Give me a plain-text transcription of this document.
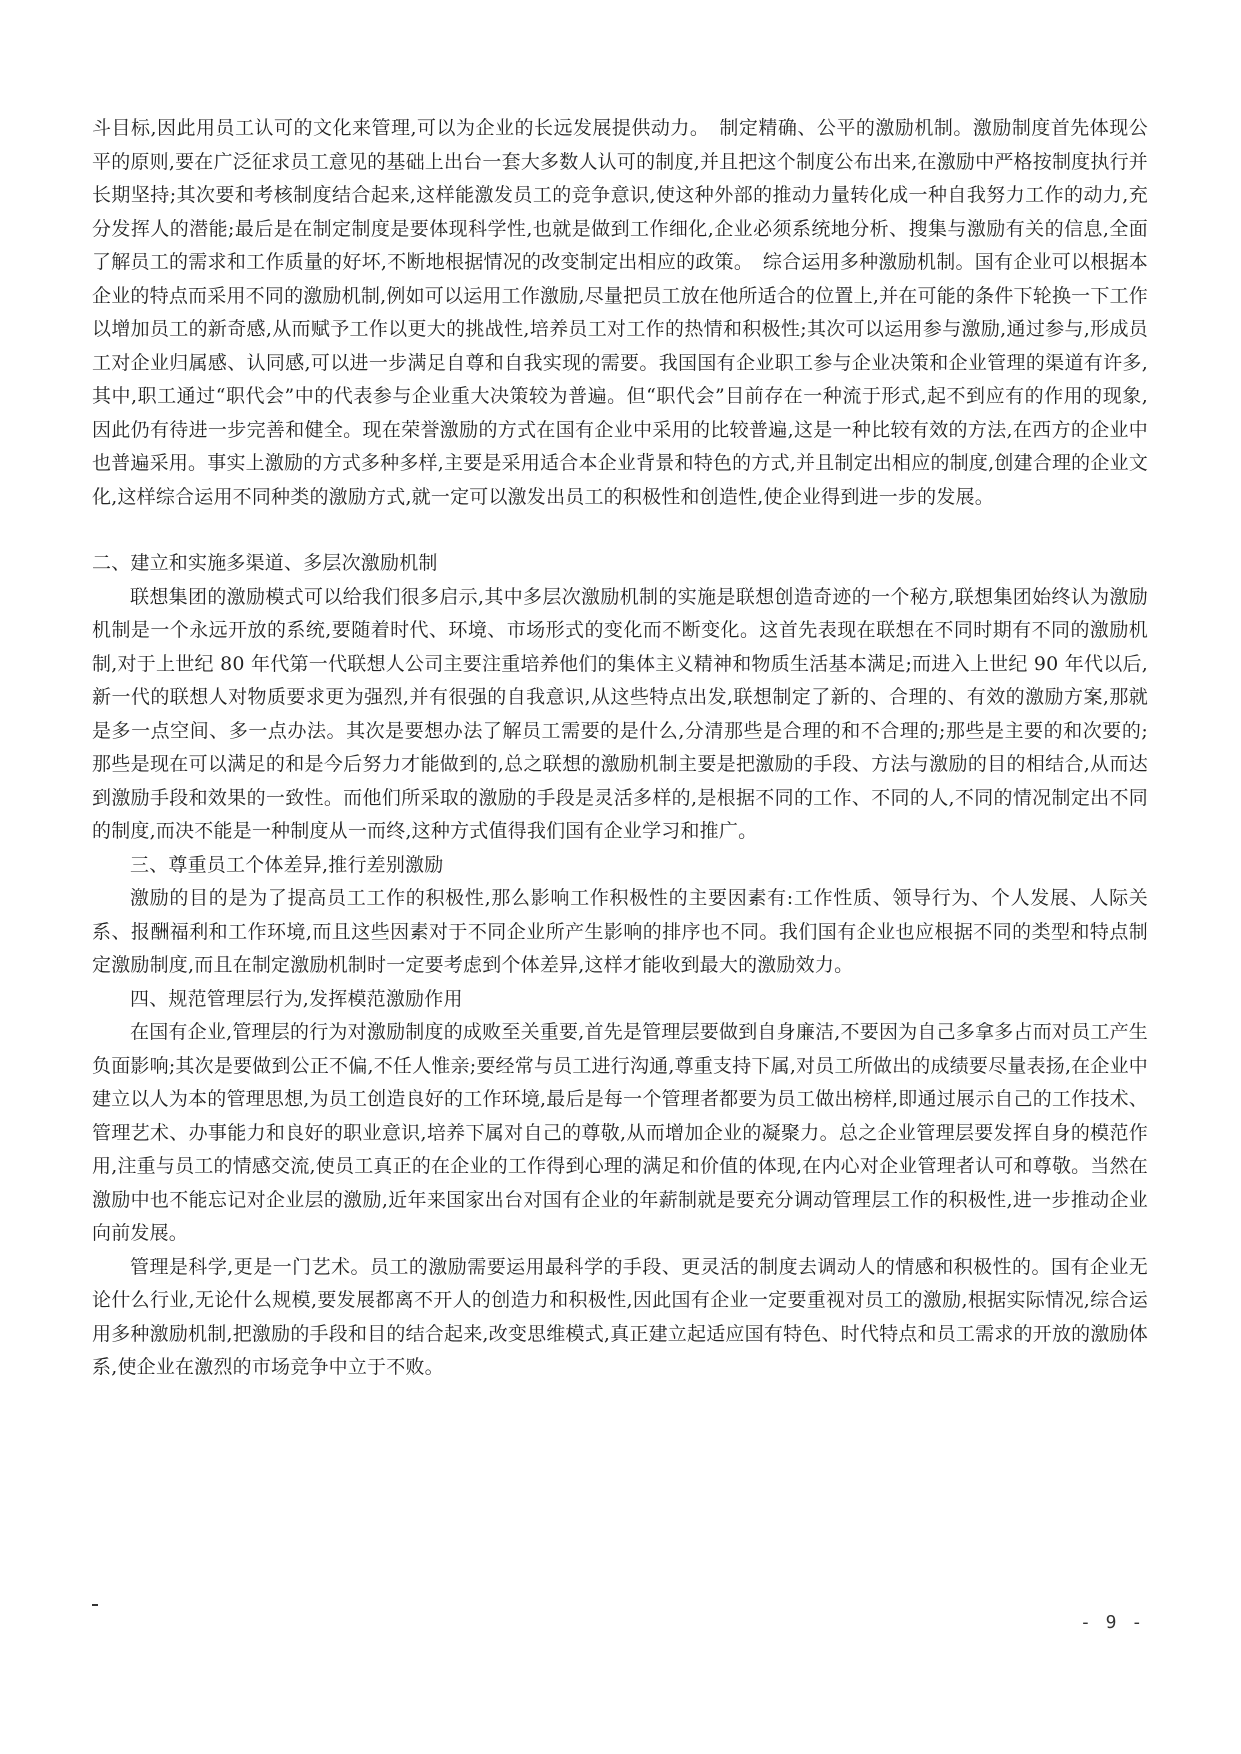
斗目标,因此用员工认可的文化来管理,可以为企业的长远发展提供动力。　制定精确、公平的激励机制。激励制度首先体现公平的原则,要在广泛征求员工意见的基础上出台一套大多数人认可的制度,并且把这个制度公布出来,在激励中严格按制度执行并长期坚持;其次要和考核制度结合起来,这样能激发员工的竞争意识,使这种外部的推动力量转化成一种自我努力工作的动力,充分发挥人的潜能;最后是在制定制度是要体现科学性,也就是做到工作细化,企业必须系统地分析、搜集与激励有关的信息,全面了解员工的需求和工作质量的好坏,不断地根据情况的改变制定出相应的政策。　综合运用多种激励机制。国有企业可以根据本企业的特点而采用不同的激励机制,例如可以运用工作激励,尽量把员工放在他所适合的位置上,并在可能的条件下轮换一下工作以增加员工的新奇感,从而赋予工作以更大的挑战性,培养员工对工作的热情和积极性;其次可以运用参与激励,通过参与,形成员工对企业归属感、认同感,可以进一步满足自尊和自我实现的需要。我国国有企业职工参与企业决策和企业管理的渠道有许多,其中,职工通过“职代会”中的代表参与企业重大决策较为普遍。但“职代会”目前存在一种流于形式,起不到应有的作用的现象,因此仍有待进一步完善和健全。现在荣誉激励的方式在国有企业中采用的比较普遍,这是一种比较有效的方法,在西方的企业中也普遍采用。事实上激励的方式多种多样,主要是采用适合本企业背景和特色的方式,并且制定出相应的制度,创建合理的企业文化,这样综合运用不同种类的激励方式,就一定可以激发出员工的积极性和创造性,使企业得到进一步的发展。

二、建立和实施多渠道、多层次激励机制

联想集团的激励模式可以给我们很多启示,其中多层次激励机制的实施是联想创造奇迹的一个秘方,联想集团始终认为激励机制是一个永远开放的系统,要随着时代、环境、市场形式的变化而不断变化。这首先表现在联想在不同时期有不同的激励机制,对于上世纪 80 年代第一代联想人公司主要注重培养他们的集体主义精神和物质生活基本满足;而进入上世纪 90 年代以后,新一代的联想人对物质要求更为强烈,并有很强的自我意识,从这些特点出发,联想制定了新的、合理的、有效的激励方案,那就是多一点空间、多一点办法。其次是要想办法了解员工需要的是什么,分清那些是合理的和不合理的;那些是主要的和次要的;那些是现在可以满足的和是今后努力才能做到的,总之联想的激励机制主要是把激励的手段、方法与激励的目的相结合,从而达到激励手段和效果的一致性。而他们所采取的激励的手段是灵活多样的,是根据不同的工作、不同的人,不同的情况制定出不同的制度,而决不能是一种制度从一而终,这种方式值得我们国有企业学习和推广。

三、尊重员工个体差异,推行差别激励

激励的目的是为了提高员工工作的积极性,那么影响工作积极性的主要因素有:工作性质、领导行为、个人发展、人际关系、报酬福利和工作环境,而且这些因素对于不同企业所产生影响的排序也不同。我们国有企业也应根据不同的类型和特点制定激励制度,而且在制定激励机制时一定要考虑到个体差异,这样才能收到最大的激励效力。

四、规范管理层行为,发挥模范激励作用

在国有企业,管理层的行为对激励制度的成败至关重要,首先是管理层要做到自身廉洁,不要因为自己多拿多占而对员工产生负面影响;其次是要做到公正不偏,不任人惟亲;要经常与员工进行沟通,尊重支持下属,对员工所做出的成绩要尽量表扬,在企业中建立以人为本的管理思想,为员工创造良好的工作环境,最后是每一个管理者都要为员工做出榜样,即通过展示自己的工作技术、管理艺术、办事能力和良好的职业意识,培养下属对自己的尊敬,从而增加企业的凝聚力。总之企业管理层要发挥自身的模范作用,注重与员工的情感交流,使员工真正的在企业的工作得到心理的满足和价值的体现,在内心对企业管理者认可和尊敬。当然在激励中也不能忘记对企业层的激励,近年来国家出台对国有企业的年薪制就是要充分调动管理层工作的积极性,进一步推动企业向前发展。

管理是科学,更是一门艺术。员工的激励需要运用最科学的手段、更灵活的制度去调动人的情感和积极性的。国有企业无论什么行业,无论什么规模,要发展都离不开人的创造力和积极性,因此国有企业一定要重视对员工的激励,根据实际情况,综合运用多种激励机制,把激励的手段和目的结合起来,改变思维模式,真正建立起适应国有特色、时代特点和员工需求的开放的激励体系,使企业在激烈的市场竞争中立于不败。

- 9 -
